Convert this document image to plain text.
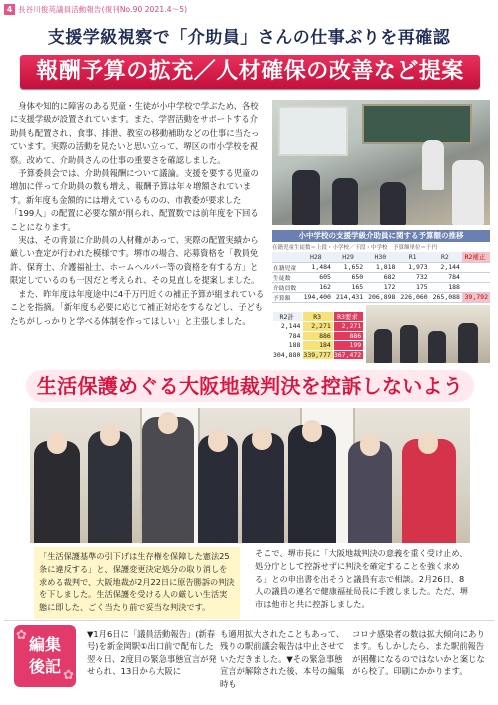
4 長谷川俊英議員活動報告(復刊No.90 2021.4～5)
支援学級視察で「介助員」さんの仕事ぶりを再確認
報酬予算の拡充／人材確保の改善など提案

身体や知的に障害のある児童・生徒が小中学校で学ぶため、各校に支援学級が設置されています。また、学習活動をサポートする介助員も配置され、食事、排泄、教室の移動補助などの仕事に当たっています。実際の活動を見たいと思い立って、堺区の市小学校を視察。改めて、介助員さんの仕事の重要さを確認しました。

予算委員会では、介助員報酬について議論。支援を要する児童の増加に伴って介助員の数も増え、報酬予算は年々増額されています。新年度も金額的には増えているものの、市教委が要求した「199人」の配置に必要な額が削られ、配置数では前年度を下回ることになります。

実は、その背景に介助員の人材難があって、実際の配置実績から厳しい査定が行われた模様です。堺市の場合、応募資格を「教員免許、保育士、介護福祉士、ホームヘルパー等の資格を有する方」と限定しているのも一因だと考えられ、その見直しを提案しました。

また、昨年度は年度途中に4千万円近くの補正予算が組まれていることを指摘。「新年度も必要に応じて補正対応をするなどし、子どもたちがしっかりと学べる体制を作ってほしい」と主張しました。

小中学校の支援学級介助員に関する予算額の推移
在籍児童生徒数＝上段・小学校／下段・中学校　予算額単位＝千円
	H28	H29	H30	R1	R2	R2補正
在籍児童	1,484	1,652	1,818	1,973	2,144	
生徒数	605	650	682	732	784	
介助員数	162	165	172	175	188	
予算額	194,400	214,431	206,898	226,060	265,088	39,792
R2計	R3	R3要求
2,144	2,271	2,271
784	886	886
188	184	199
304,880	339,777	367,472
生活保護めぐる大阪地裁判決を控訴しないよう
「生活保護基準の引下げは生存権を保障した憲法25条に違反する」と、保護変更決定処分の取り消しを求める裁判で、大阪地裁が2月22日に原告勝訴の判決を下しました。生活保護を受ける人の厳しい生活実態に即した、ごく当たり前で妥当な判決です。
そこで、堺市長に「大阪地裁判決の意義を重く受け止め、処分庁として控訴せずに判決を確定することを強く求める」との申出書を出そうと議員有志で相談。2月26日、8人の議員の連名で健康福祉局長に手渡しました。ただ、堺市は他市と共に控訴しました。
✿
✿
編集
後記
▼1月6日に「議員活動報告」(新春号)を新金岡駅①出口前で配布した翌々日、2度目の緊急事態宣言が発せられ、13日から大阪に
も適用拡大されたこともあって、残りの駅前議会報告は中止させていただきました。▼その緊急事態宣言が解除された後、本号の編集時も
コロナ感染者の数は拡大傾向にあります。もしかしたら、また駅前報告が困難になるのではないかと案じながら校了。印刷にかかります。
